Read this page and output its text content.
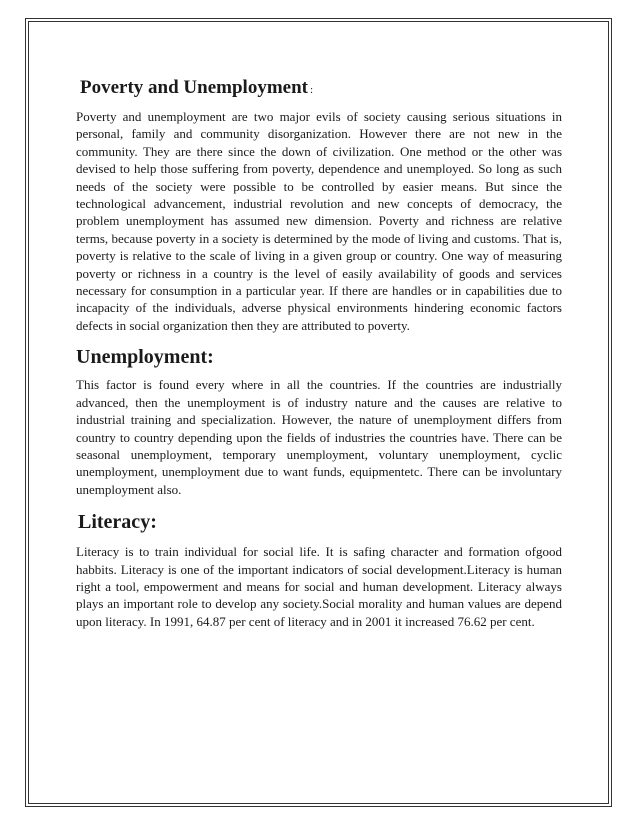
Poverty and Unemployment :

Poverty and unemployment are two major evils of society causing serious situations in personal, family and community disorganization. However there are not new in the community. They are there since the down of civilization. One method or the other was devised to help those suffering from poverty, dependence and unemployed. So long as such needs of the society were possible to be controlled by easier means. But since the technological advancement, industrial revolution and new concepts of democracy, the problem unemployment has assumed new dimension. Poverty and richness are relative terms, because poverty in a society is determined by the mode of living and customs. That is, poverty is relative to the scale of living in a given group or country. One way of measuring poverty or richness in a country is the level of easily availability of goods and services necessary for consumption in a particular year. If there are handles or in capabilities due to incapacity of the individuals, adverse physical environments hindering economic factors defects in social organization then they are attributed to poverty.

Unemployment:

This factor is found every where in all the countries. If the countries are industrially advanced, then the unemployment is of industry nature and the causes are relative to industrial training and specialization. However, the nature of unemployment differs from country to country depending upon the fields of industries the countries have. There can be seasonal unemployment, temporary unemployment, voluntary unemployment, cyclic unemployment, unemployment due to want funds, equipmentetc. There can be involuntary unemployment also.

Literacy:

Literacy is to train individual for social life. It is safing character and formation ofgood habbits. Literacy is one of the important indicators of social development.Literacy is human right a tool, empowerment and means for social and human development. Literacy always plays an important role to develop any society.Social morality and human values are depend upon literacy. In 1991, 64.87 per cent of literacy and in 2001 it increased 76.62 per cent.
